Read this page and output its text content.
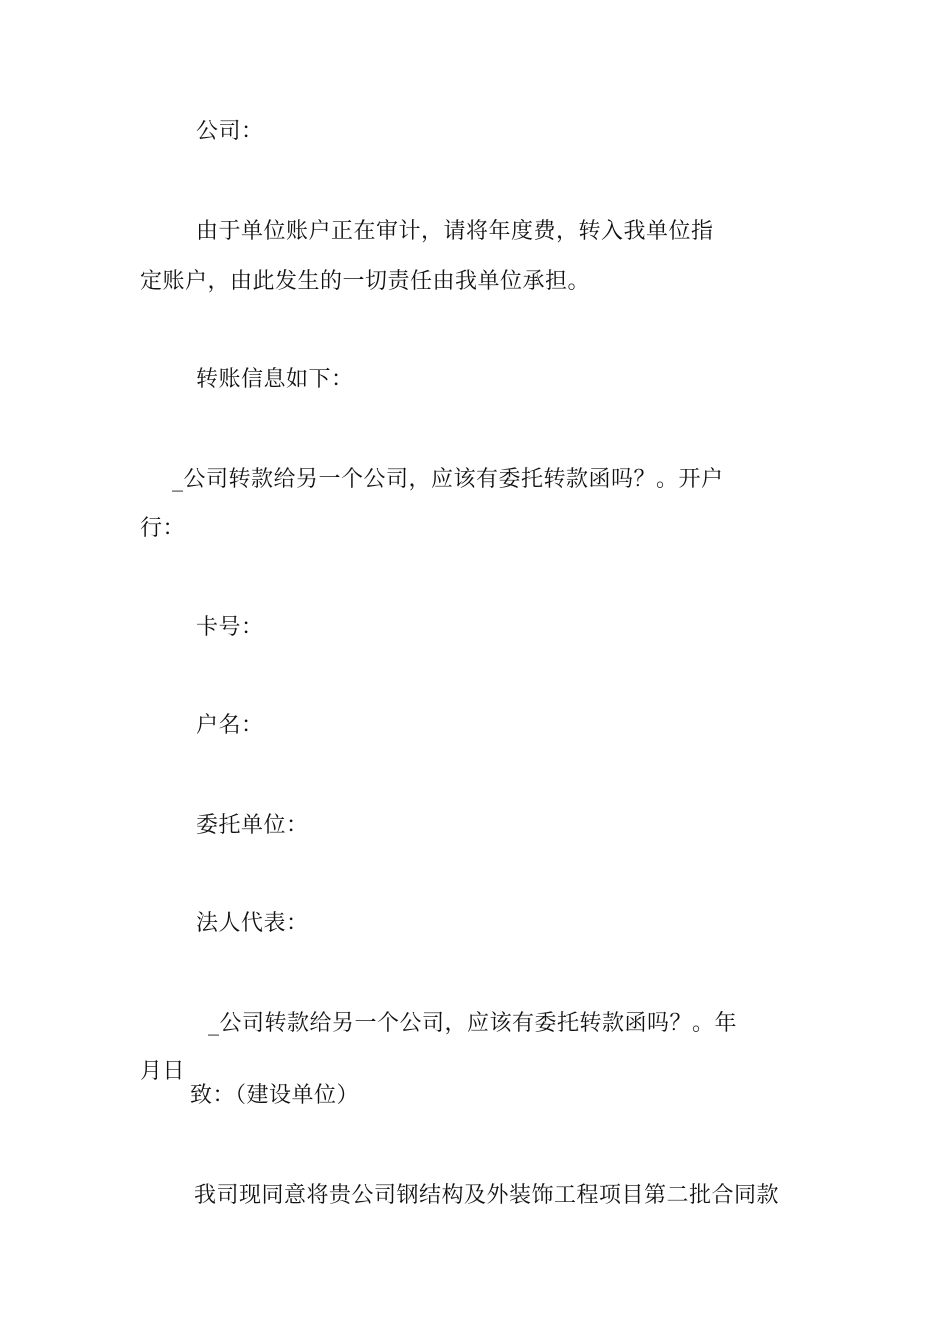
公司：
由于单位账户正在审计，请将年度费，转入我单位指
定账户，由此发生的一切责任由我单位承担。
转账信息如下：
_公司转款给另一个公司，应该有委托转款函吗？。开户
行：
卡号：
户名：
委托单位：
法人代表：
_公司转款给另一个公司，应该有委托转款函吗？。年
月日
致：（建设单位）
我司现同意将贵公司钢结构及外装饰工程项目第二批合同款
